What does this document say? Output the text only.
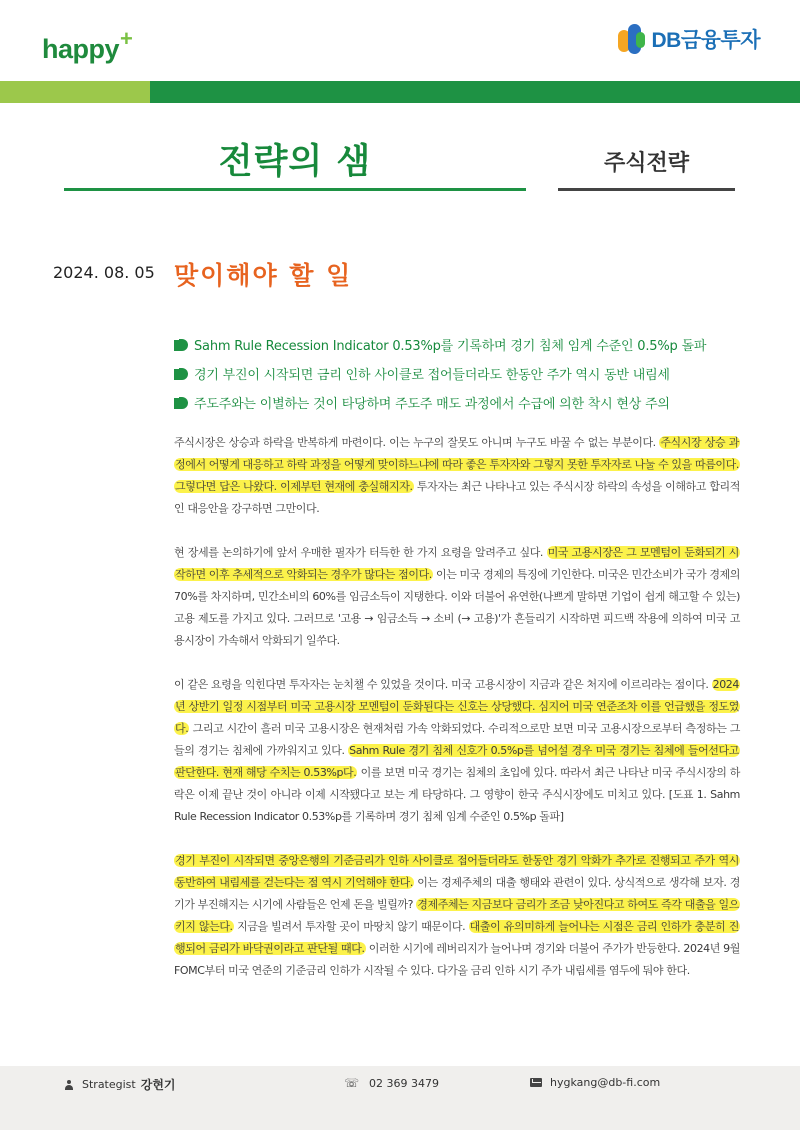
happy+	DB금융투자
전략의 샘	주식전략
2024. 08. 05 맞이해야 할 일
Sahm Rule Recession Indicator 0.53%p를 기록하며 경기 침체 임계 수준인 0.5%p 돌파
경기 부진이 시작되면 금리 인하 사이클로 접어들더라도 한동안 주가 역시 동반 내림세
주도주와는 이별하는 것이 타당하며 주도주 매도 과정에서 수급에 의한 착시 현상 주의

주식시장은 상승과 하락을 반복하게 마련이다. 이는 누구의 잘못도 아니며 누구도 바꿀 수 없는 부분이다. 주식시장 상승 과정에서 어떻게 대응하고 하락 과정을 어떻게 맞이하느냐에 따라 좋은 투자자와 그렇지 못한 투자자로 나눌 수 있을 따름이다. 그렇다면 답은 나왔다. 이제부턴 현재에 충실해지자. 투자자는 최근 나타나고 있는 주식시장 하락의 속성을 이해하고 합리적인 대응안을 강구하면 그만이다.

현 장세를 논의하기에 앞서 우매한 필자가 터득한 한 가지 요령을 알려주고 싶다. 미국 고용시장은 그 모멘텀이 둔화되기 시작하면 이후 추세적으로 악화되는 경우가 많다는 점이다. 이는 미국 경제의 특징에 기인한다. 미국은 민간소비가 국가 경제의 70%를 차지하며, 민간소비의 60%를 임금소득이 지탱한다. 이와 더불어 유연한(나쁘게 말하면 기업이 쉽게 해고할 수 있는) 고용 제도를 가지고 있다. 그러므로 '고용 → 임금소득 → 소비 (→ 고용)'가 흔들리기 시작하면 피드백 작용에 의하여 미국 고용시장이 가속해서 악화되기 일쑤다.

이 같은 요령을 익힌다면 투자자는 눈치챌 수 있었을 것이다. 미국 고용시장이 지금과 같은 처지에 이르리라는 점이다. 2024년 상반기 일정 시점부터 미국 고용시장 모멘텀이 둔화된다는 신호는 상당했다. 심지어 미국 연준조차 이를 언급했을 정도였다. 그리고 시간이 흘러 미국 고용시장은 현재처럼 가속 악화되었다. 수리적으로만 보면 미국 고용시장으로부터 측정하는 그들의 경기는 침체에 가까워지고 있다. Sahm Rule 경기 침체 신호가 0.5%p를 넘어설 경우 미국 경기는 침체에 들어선다고 판단한다. 현재 해당 수치는 0.53%p다. 이를 보면 미국 경기는 침체의 초입에 있다. 따라서 최근 나타난 미국 주식시장의 하락은 이제 끝난 것이 아니라 이제 시작됐다고 보는 게 타당하다. 그 영향이 한국 주식시장에도 미치고 있다. [도표 1. Sahm Rule Recession Indicator 0.53%p를 기록하며 경기 침체 임계 수준인 0.5%p 돌파]

경기 부진이 시작되면 중앙은행의 기준금리가 인하 사이클로 접어들더라도 한동안 경기 악화가 추가로 진행되고 주가 역시 동반하여 내림세를 걷는다는 점 역시 기억해야 한다. 이는 경제주체의 대출 행태와 관련이 있다. 상식적으로 생각해 보자. 경기가 부진해지는 시기에 사람들은 언제 돈을 빌릴까? 경제주체는 지금보다 금리가 조금 낮아진다고 하여도 즉각 대출을 일으키지 않는다. 지금을 빌려서 투자할 곳이 마땅치 않기 때문이다. 대출이 유의미하게 늘어나는 시점은 금리 인하가 충분히 진행되어 금리가 바닥권이라고 판단될 때다. 이러한 시기에 레버리지가 늘어나며 경기와 더불어 주가가 반등한다. 2024년 9월 FOMC부터 미국 연준의 기준금리 인하가 시작될 수 있다. 다가올 금리 인하 시기 주가 내림세를 염두에 둬야 한다.

Strategist 강현기	☏ 02 369 3479	hygkang@db-fi.com
